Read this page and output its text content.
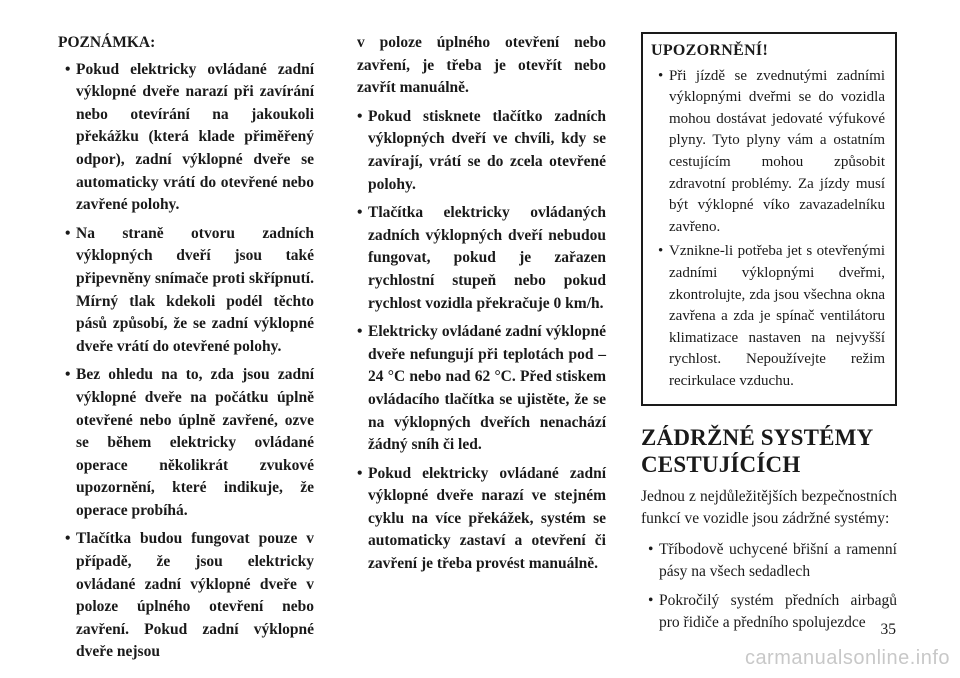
POZNÁMKA:

• Pokud elektricky ovládané zadní výklopné dveře narazí při zavírání nebo otevírání na jakoukoli překážku (která klade přiměřený odpor), zadní výklopné dveře se automaticky vrátí do otevřené nebo zavřené polohy.
• Na straně otvoru zadních výklopných dveří jsou také připevněny snímače proti skřípnutí. Mírný tlak kdekoli podél těchto pásů způsobí, že se zadní výklopné dveře vrátí do otevřené polohy.
• Bez ohledu na to, zda jsou zadní výklopné dveře na počátku úplně otevřené nebo úplně zavřené, ozve se během elektricky ovládané operace několikrát zvukové upozornění, které indikuje, že operace probíhá.
• Tlačítka budou fungovat pouze v případě, že jsou elektricky ovládané zadní výklopné dveře v poloze úplného otevření nebo zavření. Pokud zadní výklopné dveře nejsou
v poloze úplného otevření nebo zavření, je třeba je otevřít nebo zavřít manuálně.
• Pokud stisknete tlačítko zadních výklopných dveří ve chvíli, kdy se zavírají, vrátí se do zcela otevřené polohy.
• Tlačítka elektricky ovládaných zadních výklopných dveří nebudou fungovat, pokud je zařazen rychlostní stupeň nebo pokud rychlost vozidla překračuje 0 km/h.
• Elektricky ovládané zadní výklopné dveře nefungují při teplotách pod –24 °C nebo nad 62 °C. Před stiskem ovládacího tlačítka se ujistěte, že se na výklopných dveřích nenachází žádný sníh či led.
• Pokud elektricky ovládané zadní výklopné dveře narazí ve stejném cyklu na více překážek, systém se automaticky zastaví a otevření či zavření je třeba provést manuálně.
UPOZORNĚNÍ!
• Při jízdě se zvednutými zadními výklopnými dveřmi se do vozidla mohou dostávat jedovaté výfukové plyny. Tyto plyny vám a ostatním cestujícím mohou způsobit zdravotní problémy. Za jízdy musí být výklopné víko zavazadelníku zavřeno.
• Vznikne-li potřeba jet s otevřenými zadními výklopnými dveřmi, zkontrolujte, zda jsou všechna okna zavřena a zda je spínač ventilátoru klimatizace nastaven na nejvyšší rychlost. Nepoužívejte režim recirkulace vzduchu.
ZÁDRŽNÉ SYSTÉMY
CESTUJÍCÍCH

Jednou z nejdůležitějších bezpečnostních funkcí ve vozidle jsou zádržné systémy:

• Tříbodově uchycené břišní a ramenní pásy na všech sedadlech
• Pokročilý systém předních airbagů pro řidiče a předního spolujezdce 35
carmanualsonline.info
